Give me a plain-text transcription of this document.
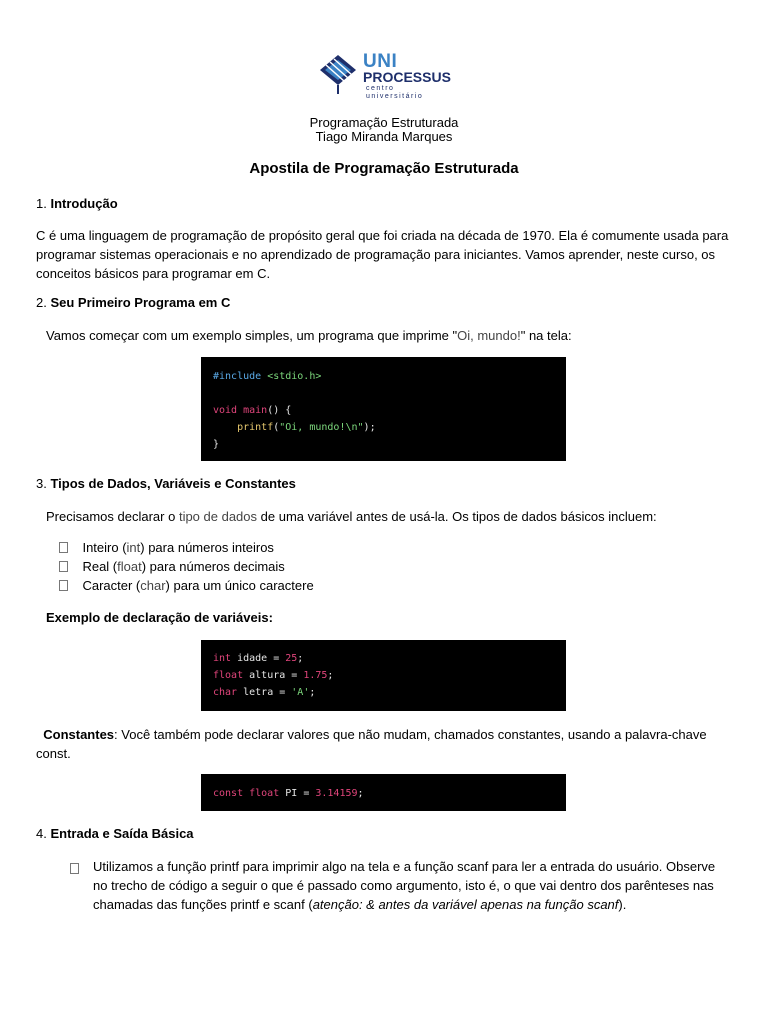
UNI
PROCESSUS
centro universitário
Programação Estruturada
Tiago Miranda Marques
Apostila de Programação Estruturada
1. Introdução
C é uma linguagem de programação de propósito geral que foi criada na década de 1970. Ela é comumente usada para
programar sistemas operacionais e no aprendizado de programação para iniciantes. Vamos aprender, neste curso, os
conceitos básicos para programar em C.
2. Seu Primeiro Programa em C
Vamos começar com um exemplo simples, um programa que imprime "Oi, mundo!" na tela:
#include <stdio.h>
void main() {
printf("Oi, mundo!\n");
}
3. Tipos de Dados, Variáveis e Constantes
Precisamos declarar o tipo de dados de uma variável antes de usá-la. Os tipos de dados básicos incluem:
Inteiro (int) para números inteiros
Real (float) para números decimais
Caracter (char) para um único caractere
Exemplo de declaração de variáveis:
int idade = 25;
float altura = 1.75;
char letra = 'A';
Constantes: Você também pode declarar valores que não mudam, chamados constantes, usando a palavra-chave
const.
const float PI = 3.14159;
4. Entrada e Saída Básica
Utilizamos a função printf para imprimir algo na tela e a função scanf para ler a entrada do usuário. Observe
no trecho de código a seguir o que é passado como argumento, isto é, o que vai dentro dos parênteses nas
chamadas das funções printf e scanf (atenção: & antes da variável apenas na função scanf).
